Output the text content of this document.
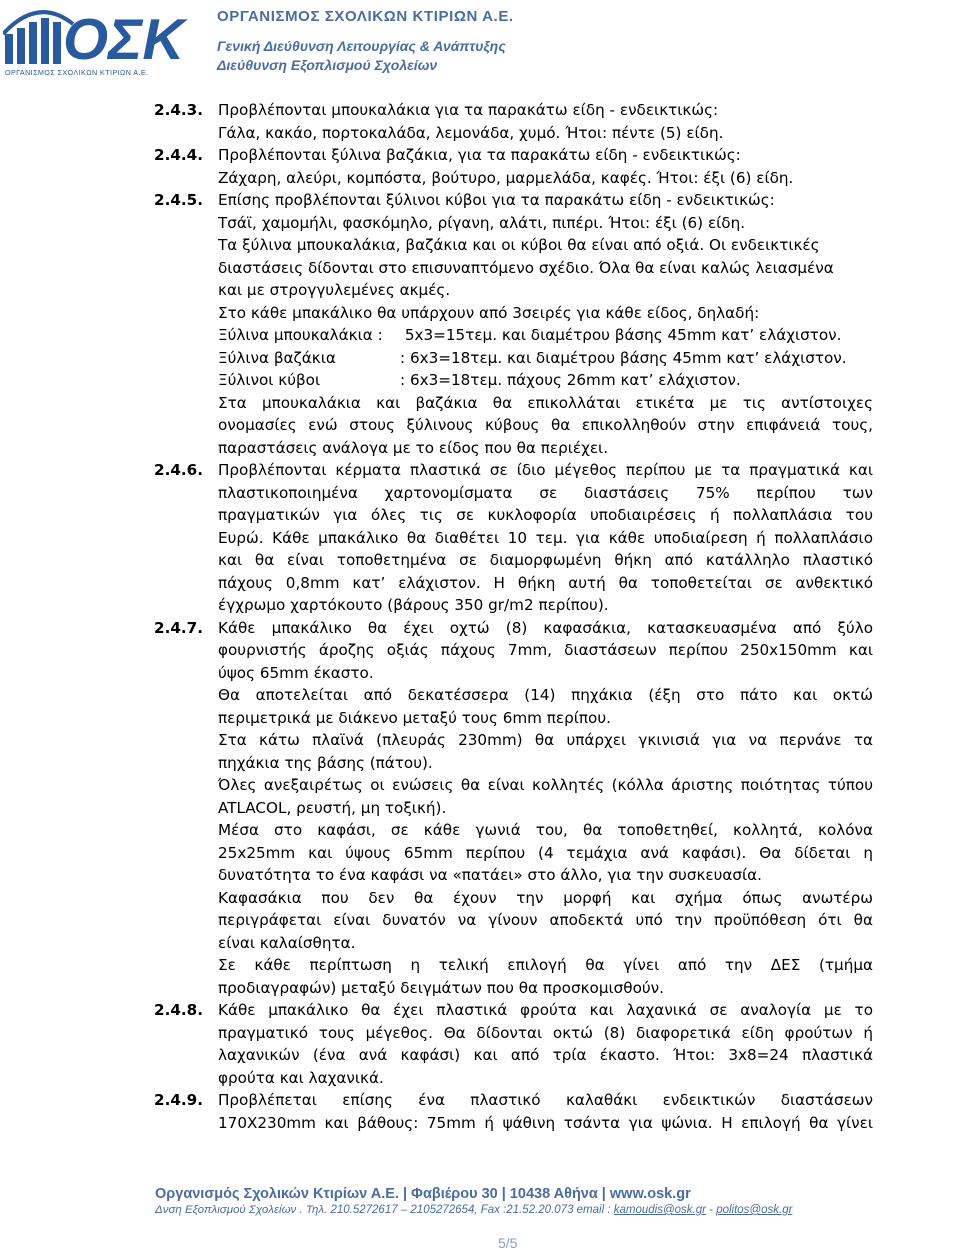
ΟΣΚ
ΟΡΓΑΝΙΣΜΟΣ ΣΧΟΛΙΚΩΝ ΚΤΙΡΙΩΝ Α.Ε.
ΟΡΓΑΝΙΣΜΟΣ ΣΧΟΛΙΚΩΝ ΚΤΙΡΙΩΝ Α.Ε.
Γενική Διεύθυνση Λειτουργίας & Ανάπτυξης
Διεύθυνση Εξοπλισμού Σχολείων
2.4.3. Προβλέπονται μπουκαλάκια για τα παρακάτω είδη - ενδεικτικώς:
Γάλα, κακάο, πορτοκαλάδα, λεμονάδα, χυμό. Ήτοι: πέντε (5) είδη.
2.4.4. Προβλέπονται ξύλινα βαζάκια, για τα παρακάτω είδη - ενδεικτικώς:
Ζάχαρη, αλεύρι, κομπόστα, βούτυρο, μαρμελάδα, καφές. Ήτοι: έξι (6) είδη.
2.4.5. Επίσης προβλέπονται ξύλινοι κύβοι για τα παρακάτω είδη - ενδεικτικώς:
Τσάϊ, χαμομήλι, φασκόμηλο, ρίγανη, αλάτι, πιπέρι. Ήτοι: έξι (6) είδη.
Τα ξύλινα μπουκαλάκια, βαζάκια και οι κύβοι θα είναι από οξιά. Οι ενδεικτικές
διαστάσεις δίδονται στο επισυναπτόμενο σχέδιο. Όλα θα είναι καλώς λειασμένα
και με στρογγυλεμένες ακμές.
Στο κάθε μπακάλικο θα υπάρχουν από 3σειρές για κάθε είδος, δηλαδή:
Ξύλινα μπουκαλάκια : 5x3=15τεμ. και διαμέτρου βάσης 45mm κατ’ ελάχιστον.
Ξύλινα βαζάκια	: 6x3=18τεμ. και διαμέτρου βάσης 45mm κατ’ ελάχιστον.
Ξύλινοι κύβοι	: 6x3=18τεμ. πάχους 26mm κατ’ ελάχιστον.
Στα μπουκαλάκια και βαζάκια θα επικολλάται ετικέτα με τις αντίστοιχες
ονομασίες ενώ στους ξύλινους κύβους θα επικολληθούν στην επιφάνειά τους,
παραστάσεις ανάλογα με το είδος που θα περιέχει.
2.4.6. Προβλέπονται κέρματα πλαστικά σε ίδιο μέγεθος περίπου με τα πραγματικά και
πλαστικοποιημένα χαρτονομίσματα σε διαστάσεις 75% περίπου των
πραγματικών για όλες τις σε κυκλοφορία υποδιαιρέσεις ή πολλαπλάσια του
Ευρώ. Κάθε μπακάλικο θα διαθέτει 10 τεμ. για κάθε υποδιαίρεση ή πολλαπλάσιο
και θα είναι τοποθετημένα σε διαμορφωμένη θήκη από κατάλληλο πλαστικό
πάχους 0,8mm κατ’ ελάχιστον. Η θήκη αυτή θα τοποθετείται σε ανθεκτικό
έγχρωμο χαρτόκουτο (βάρους 350 gr/m2 περίπου).
2.4.7. Κάθε μπακάλικο θα έχει οχτώ (8) καφασάκια, κατασκευασμένα από ξύλο
φουρνιστής άροζης οξιάς πάχους 7mm, διαστάσεων περίπου 250x150mm και
ύψος 65mm έκαστο.
Θα αποτελείται από δεκατέσσερα (14) πηχάκια (έξη στο πάτο και οκτώ
περιμετρικά με διάκενο μεταξύ τους 6mm περίπου.
Στα κάτω πλαϊνά (πλευράς 230mm) θα υπάρχει γκινισιά για να περνάνε τα
πηχάκια της βάσης (πάτου).
Όλες ανεξαιρέτως οι ενώσεις θα είναι κολλητές (κόλλα άριστης ποιότητας τύπου
ATLACOL, ρευστή, μη τοξική).
Μέσα στο καφάσι, σε κάθε γωνιά του, θα τοποθετηθεί, κολλητά, κολόνα
25x25mm και ύψους 65mm περίπου (4 τεμάχια ανά καφάσι). Θα δίδεται η
δυνατότητα το ένα καφάσι να «πατάει» στο άλλο, για την συσκευασία.
Καφασάκια που δεν θα έχουν την μορφή και σχήμα όπως ανωτέρω
περιγράφεται είναι δυνατόν να γίνουν αποδεκτά υπό την προϋπόθεση ότι θα
είναι καλαίσθητα.
Σε κάθε περίπτωση η τελική επιλογή θα γίνει από την ΔΕΣ (τμήμα
προδιαγραφών) μεταξύ δειγμάτων που θα προσκομισθούν.
2.4.8. Κάθε μπακάλικο θα έχει πλαστικά φρούτα και λαχανικά σε αναλογία με το
πραγματικό τους μέγεθος. Θα δίδονται οκτώ (8) διαφορετικά είδη φρούτων ή
λαχανικών (ένα ανά καφάσι) και από τρία έκαστο. Ήτοι: 3x8=24 πλαστικά
φρούτα και λαχανικά.
2.4.9. Προβλέπεται επίσης ένα πλαστικό καλαθάκι ενδεικτικών διαστάσεων
170Χ230mm και βάθους: 75mm ή ψάθινη τσάντα για ψώνια. Η επιλογή θα γίνει
Οργανισμός Σχολικών Κτιρίων Α.Ε. | Φαβιέρου 30 | 10438 Αθήνα | www.osk.gr
Δνση Εξοπλισμού Σχολείων . Τηλ. 210.5272617 – 2105272654, Fax :21.52.20.073 email : kamoudis@osk.gr - politos@osk.gr
5/5
